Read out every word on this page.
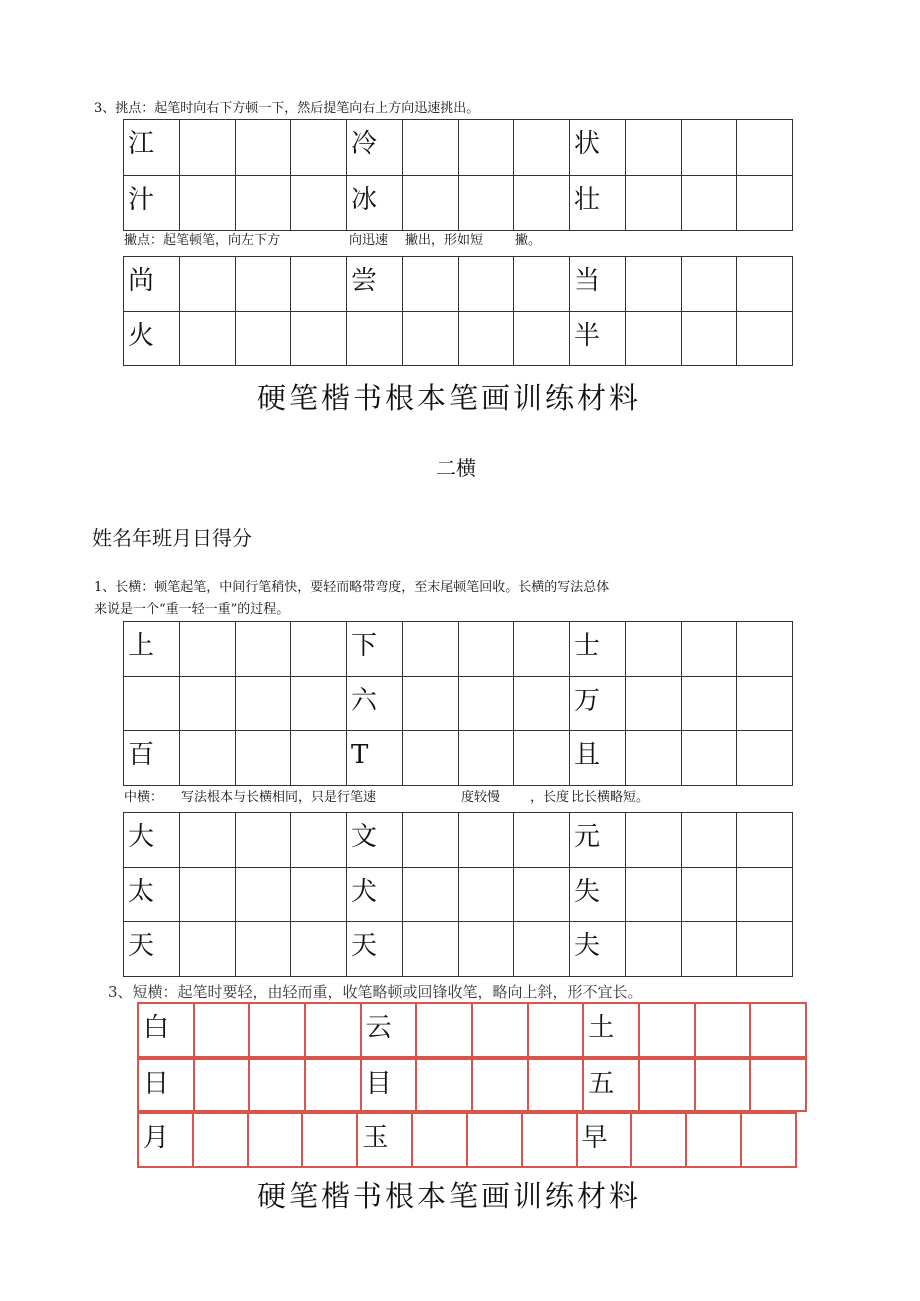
3、挑点：起笔时向右下方顿一下，然后提笔向右上方向迅速挑出。
江				冷				状			

汁				冰				壮			

撇点：起笔顿笔，向左下方	向迅速 撇出，形如短 撇。
尚				尝				当			

火								半			

硬笔楷书根本笔画训练材料
二横
姓名年班月日得分
1、长横：顿笔起笔，中间行笔稍快，要轻而略带弯度，至末尾顿笔回收。长横的写法总体
来说是一个“重一轻一重”的过程。
上				下				士			

				六				万			

百				T				且			

中横： 写法根本与长横相同，只是行笔速	度较慢 ，长度 比长横略短。
大				文				元			

太				犬				失			

天				天				夫			

3、短横：起笔时要轻，由轻而重，收笔略顿或回锋收笔，略向上斜，形不宜长。
白				云				土

日				目				五

月				玉				早

硬笔楷书根本笔画训练材料
